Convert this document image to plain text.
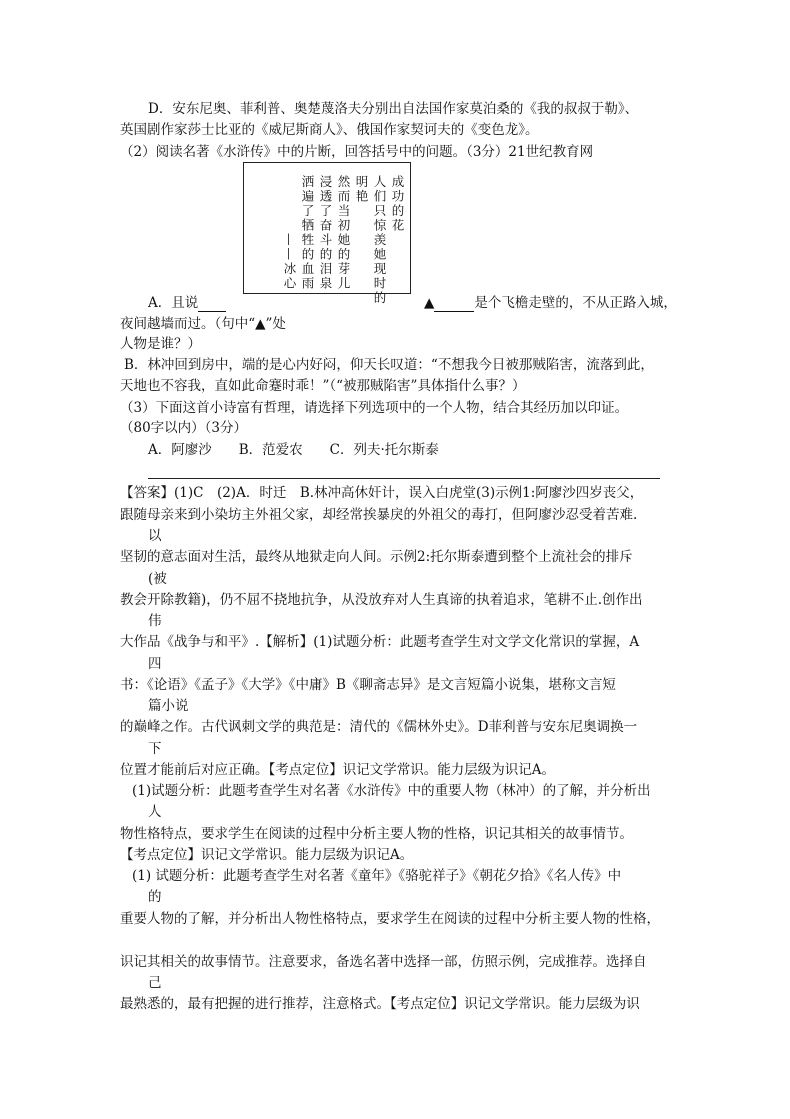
D．安东尼奥、菲利普、奥楚蔑洛夫分别出自法国作家莫泊桑的《我的叔叔于勒》、
英国剧作家莎士比亚的《威尼斯商人》、俄国作家契诃夫的《变色龙》。
（2）阅读名著《水浒传》中的片断，回答括号中的问题。（3分）21世纪教育网
成功的花
人们只惊羡她现时的
明艳
然而当初她的芽儿
浸透了奋斗的泪泉
洒遍了牺牲的血雨
——冰心
A．且说	▲	是个飞檐走壁的，不从正路入城，
夜间越墙而过。（句中“▲”处
人物是谁？）
B．林冲回到房中，端的是心内好闷，仰天长叹道：“不想我今日被那贼陷害，流落到此，
天地也不容我，直如此命蹇时乖！”（“被那贼陷害”具体指什么事？）
（3）下面这首小诗富有哲理，请选择下列选项中的一个人物，结合其经历加以印证。
（80字以内）（3分）
A．阿廖沙　　B．范爱农　　C．列夫·托尔斯泰
【答案】(1)C　(2)A．时迁　B.林冲高休奸计，误入白虎堂(3)示例1:阿廖沙四岁丧父，
跟随母亲来到小染坊主外祖父家，却经常挨暴戾的外祖父的毒打，但阿廖沙忍受着苦难.
以
坚韧的意志面对生活，最终从地狱走向人间。示例2:托尔斯泰遭到整个上流社会的排斥
(被
教会开除教籍)，仍不屈不挠地抗争，从没放弃对人生真谛的执着追求，笔耕不止.创作出
伟
大作品《战争与和平》.【解析】(1)试题分析：此题考查学生对文学文化常识的掌握，A
四
书：《论语》《孟子》《大学》《中庸》B《聊斋志异》是文言短篇小说集，堪称文言短
篇小说
的巅峰之作。古代讽刺文学的典范是：清代的《儒林外史》。D菲利普与安东尼奥调换一
下
位置才能前后对应正确。【考点定位】识记文学常识。能力层级为识记A。
(1)试题分析：此题考查学生对名著《水浒传》中的重要人物（林冲）的了解，并分析出
人
物性格特点，要求学生在阅读的过程中分析主要人物的性格，识记其相关的故事情节。
【考点定位】识记文学常识。能力层级为识记A。
(1) 试题分析：此题考查学生对名著《童年》《骆驼祥子》《朝花夕拾》《名人传》中
的
重要人物的了解，并分析出人物性格特点，要求学生在阅读的过程中分析主要人物的性格，
识记其相关的故事情节。注意要求，备选名著中选择一部，仿照示例，完成推荐。选择自
己
最熟悉的，最有把握的进行推荐，注意格式。【考点定位】识记文学常识。能力层级为识
